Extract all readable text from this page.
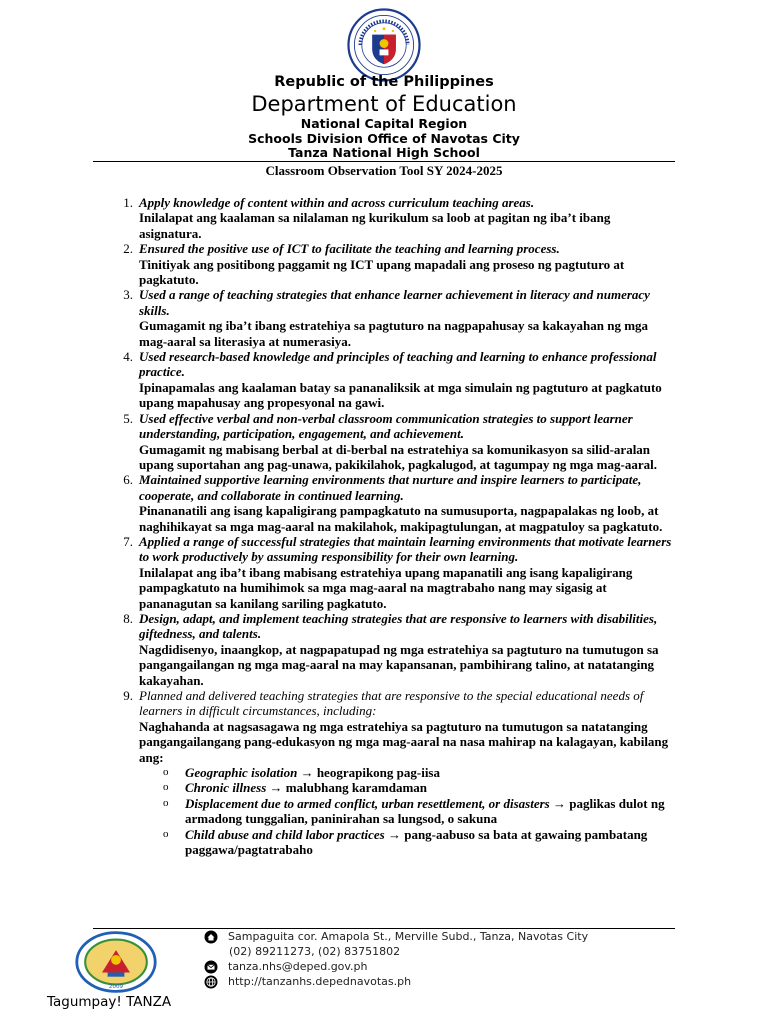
Republic of the Philippines
Department of Education
National Capital Region
Schools Division Office of Navotas City
Tanza National High School
Classroom Observation Tool SY 2024-2025
1. Apply knowledge of content within and across curriculum teaching areas.
Inilalapat ang kaalaman sa nilalaman ng kurikulum sa loob at pagitan ng iba’t ibang asignatura.
2. Ensured the positive use of ICT to facilitate the teaching and learning process.
Tinitiyak ang positibong paggamit ng ICT upang mapadali ang proseso ng pagtuturo at pagkatuto.
3. Used a range of teaching strategies that enhance learner achievement in literacy and numeracy skills.
Gumagamit ng iba’t ibang estratehiya sa pagtuturo na nagpapahusay sa kakayahan ng mga mag-aaral sa literasiya at numerasiya.
4. Used research-based knowledge and principles of teaching and learning to enhance professional practice.
Ipinapamalas ang kaalaman batay sa pananaliksik at mga simulain ng pagtuturo at pagkatuto upang mapahusay ang propesyonal na gawi.
5. Used effective verbal and non-verbal classroom communication strategies to support learner understanding, participation, engagement, and achievement.
Gumagamit ng mabisang berbal at di-berbal na estratehiya sa komunikasyon sa silid-aralan upang suportahan ang pag-unawa, pakikilahok, pagkalugod, at tagumpay ng mga mag-aaral.
6. Maintained supportive learning environments that nurture and inspire learners to participate, cooperate, and collaborate in continued learning.
Pinananatili ang isang kapaligirang pampagkatuto na sumusuporta, nagpapalakas ng loob, at naghihikayat sa mga mag-aaral na makilahok, makipagtulungan, at magpatuloy sa pagkatuto.
7. Applied a range of successful strategies that maintain learning environments that motivate learners to work productively by assuming responsibility for their own learning.
Inilalapat ang iba’t ibang mabisang estratehiya upang mapanatili ang isang kapaligirang pampagkatuto na humihimok sa mga mag-aaral na magtrabaho nang may sigasig at pananagutan sa kanilang sariling pagkatuto.
8. Design, adapt, and implement teaching strategies that are responsive to learners with disabilities, giftedness, and talents.
Nagdidisenyo, inaangkop, at nagpapatupad ng mga estratehiya sa pagtuturo na tumutugon sa pangangailangan ng mga mag-aaral na may kapansanan, pambihirang talino, at natatanging kakayahan.
9. Planned and delivered teaching strategies that are responsive to the special educational needs of learners in difficult circumstances, including:
Naghahanda at nagsasagawa ng mga estratehiya sa pagtuturo na tumutugon sa natatanging pangangailangang pang-edukasyon ng mga mag-aaral na nasa mahirap na kalagayan, kabilang ang:
o Geographic isolation → heograpikong pag-iisa
o Chronic illness → malubhang karamdaman
o Displacement due to armed conflict, urban resettlement, or disasters → paglikas dulot ng armadong tunggalian, paninirahan sa lungsod, o sakuna
o Child abuse and child labor practices → pang-aabuso sa bata at gawaing pambatang paggawa/pagtatrabaho
2009
Tagumpay! TANZA
Sampaguita cor. Amapola St., Merville Subd., Tanza, Navotas City
(02) 89211273, (02) 83751802
tanza.nhs@deped.gov.ph
http://tanzanhs.depednavotas.ph
